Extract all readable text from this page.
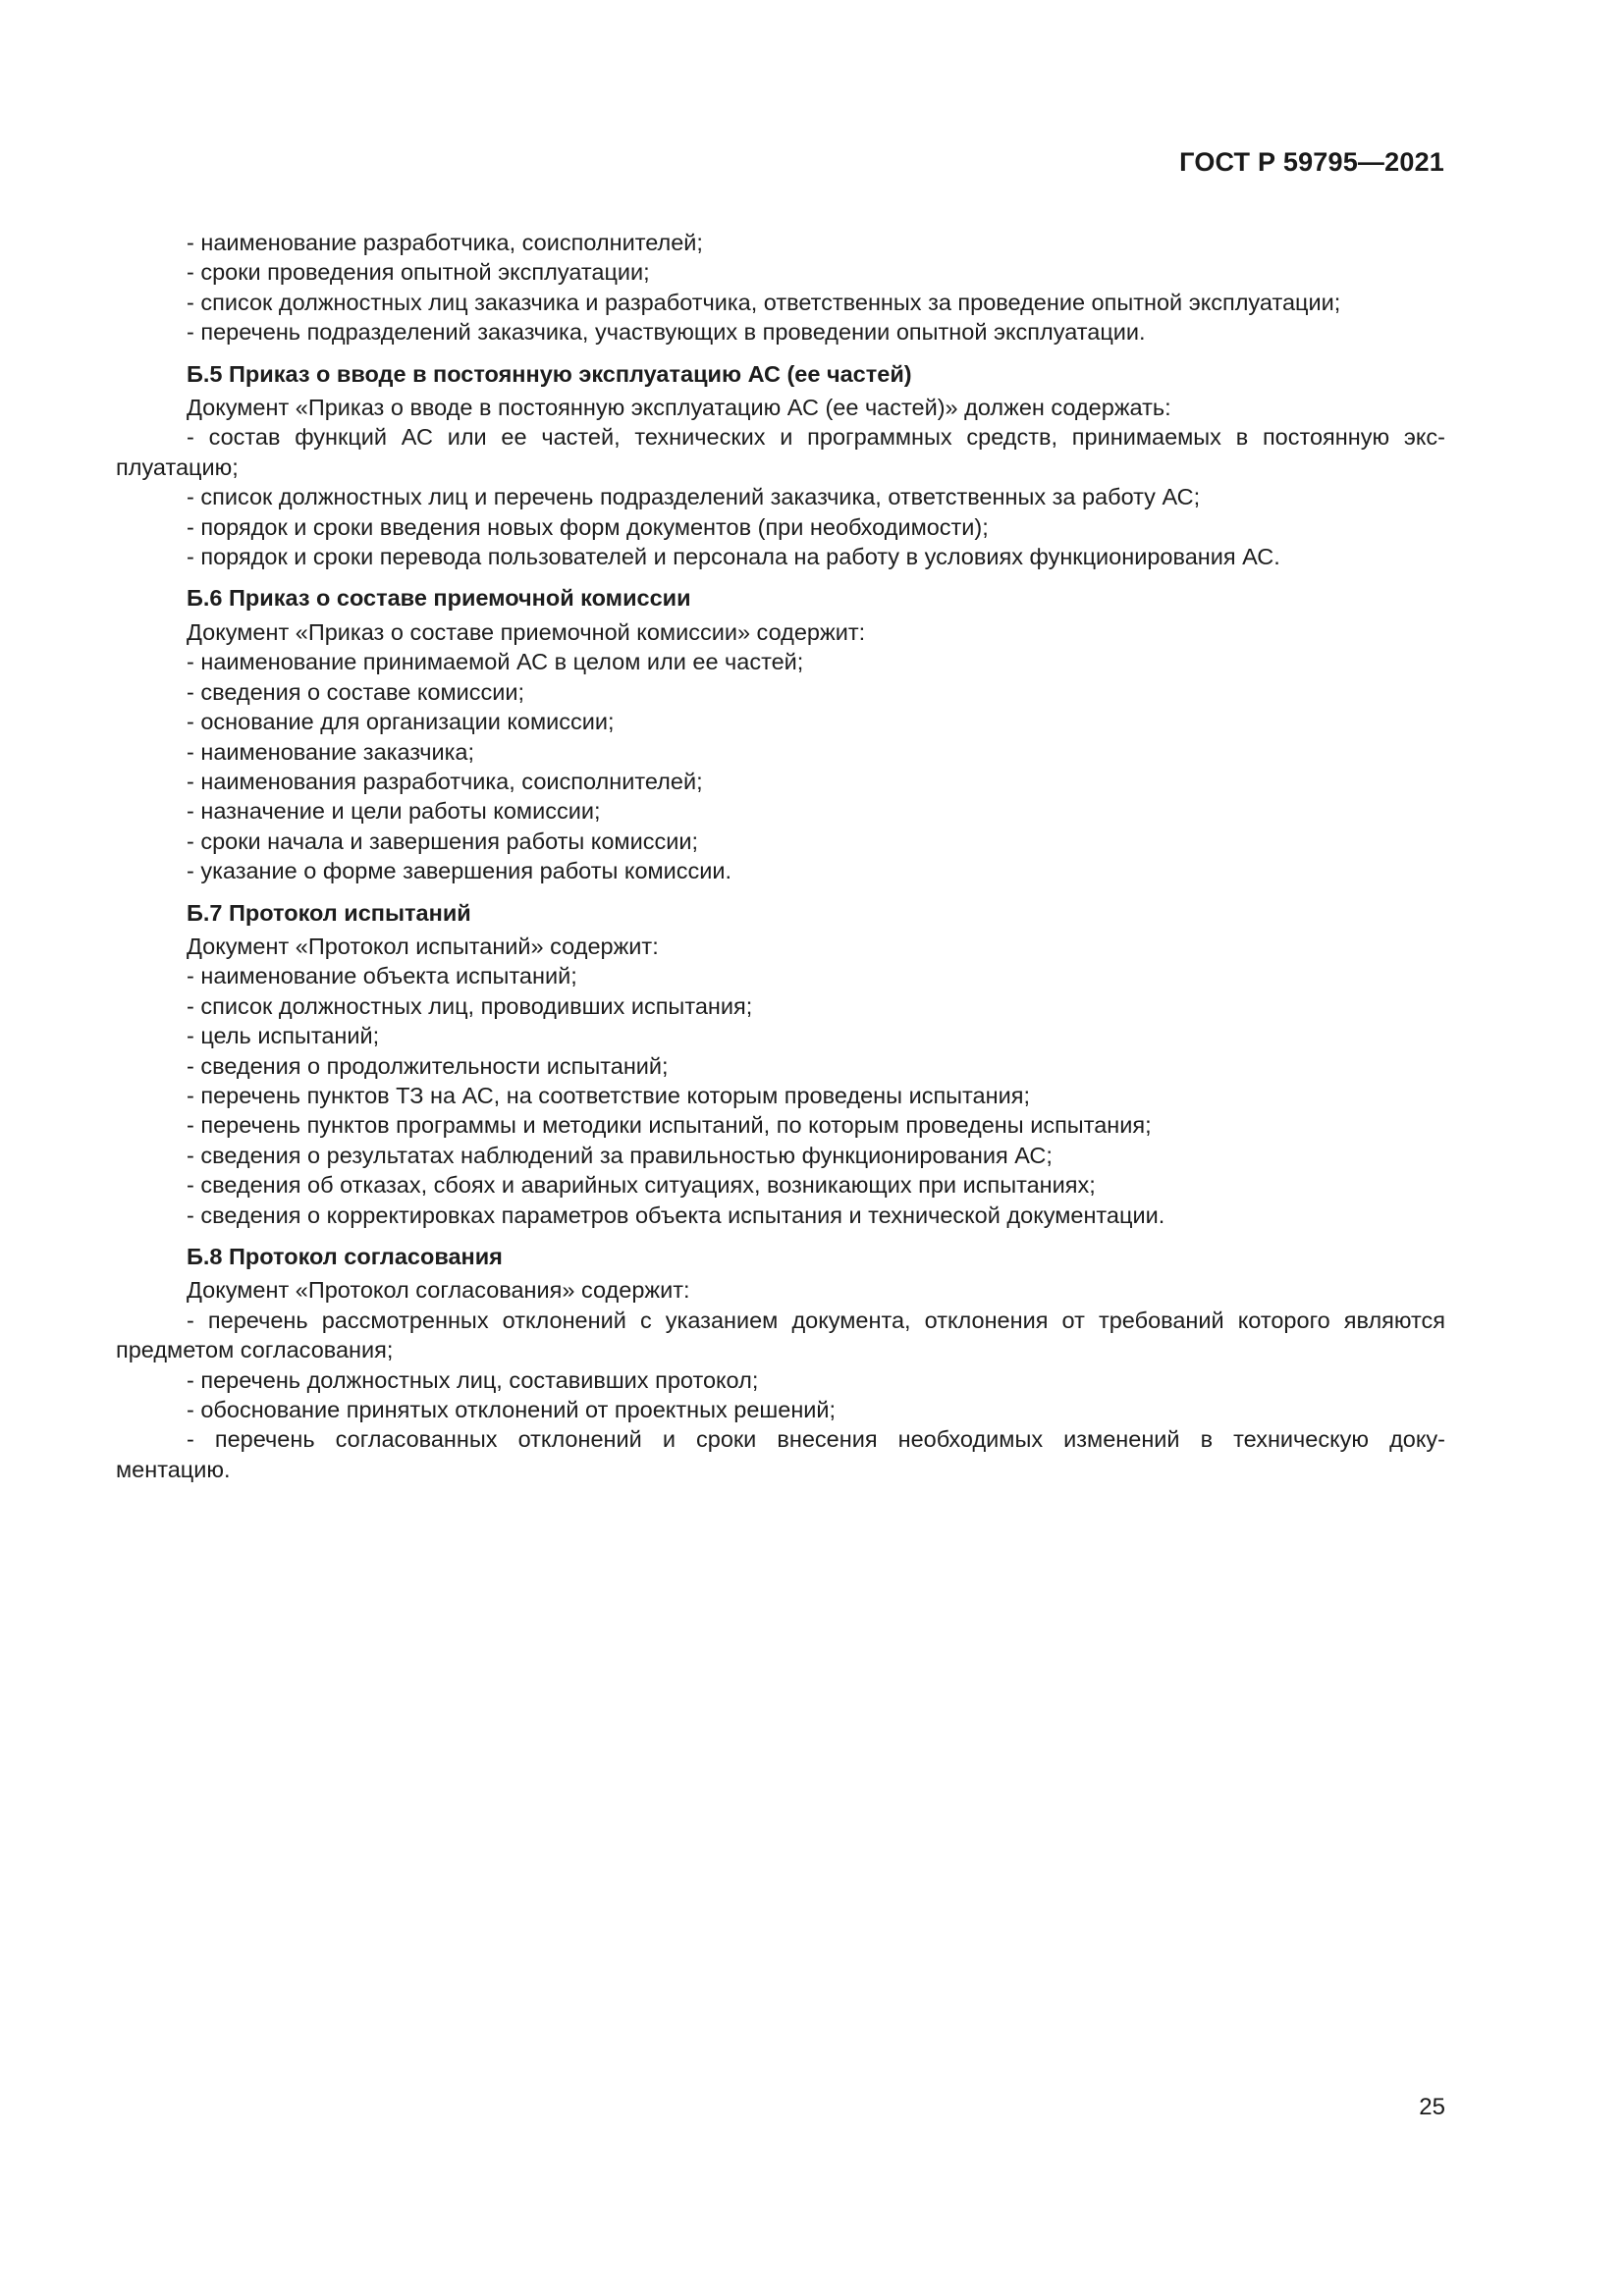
ГОСТ Р 59795—2021

- наименование разработчика, соисполнителей;

- сроки проведения опытной эксплуатации;

- список должностных лиц заказчика и разработчика, ответственных за проведение опытной эксплуатации;

- перечень подразделений заказчика, участвующих в проведении опытной эксплуатации.

Б.5 Приказ о вводе в постоянную эксплуатацию АС (ее частей)

Документ «Приказ о вводе в постоянную эксплуатацию АС (ее частей)» должен содержать:

- состав функций АС или ее частей, технических и программных средств, принимаемых в постоянную экс-

плуатацию;

- список должностных лиц и перечень подразделений заказчика, ответственных за работу АС;

- порядок и сроки введения новых форм документов (при необходимости);

- порядок и сроки перевода пользователей и персонала на работу в условиях функционирования АС.

Б.6 Приказ о составе приемочной комиссии

Документ «Приказ о составе приемочной комиссии» содержит:

- наименование принимаемой АС в целом или ее частей;

- сведения о составе комиссии;

- основание для организации комиссии;

- наименование заказчика;

- наименования разработчика, соисполнителей;

- назначение и цели работы комиссии;

- сроки начала и завершения работы комиссии;

- указание о форме завершения работы комиссии.

Б.7 Протокол испытаний

Документ «Протокол испытаний» содержит:

- наименование объекта испытаний;

- список должностных лиц, проводивших испытания;

- цель испытаний;

- сведения о продолжительности испытаний;

- перечень пунктов ТЗ на АС, на соответствие которым проведены испытания;

- перечень пунктов программы и методики испытаний, по которым проведены испытания;

- сведения о результатах наблюдений за правильностью функционирования АС;

- сведения об отказах, сбоях и аварийных ситуациях, возникающих при испытаниях;

- сведения о корректировках параметров объекта испытания и технической документации.

Б.8 Протокол согласования

Документ «Протокол согласования» содержит:

- перечень рассмотренных отклонений с указанием документа, отклонения от требований которого являются

предметом согласования;

- перечень должностных лиц, составивших протокол;

- обоснование принятых отклонений от проектных решений;

- перечень согласованных отклонений и сроки внесения необходимых изменений в техническую доку-

ментацию.

25
